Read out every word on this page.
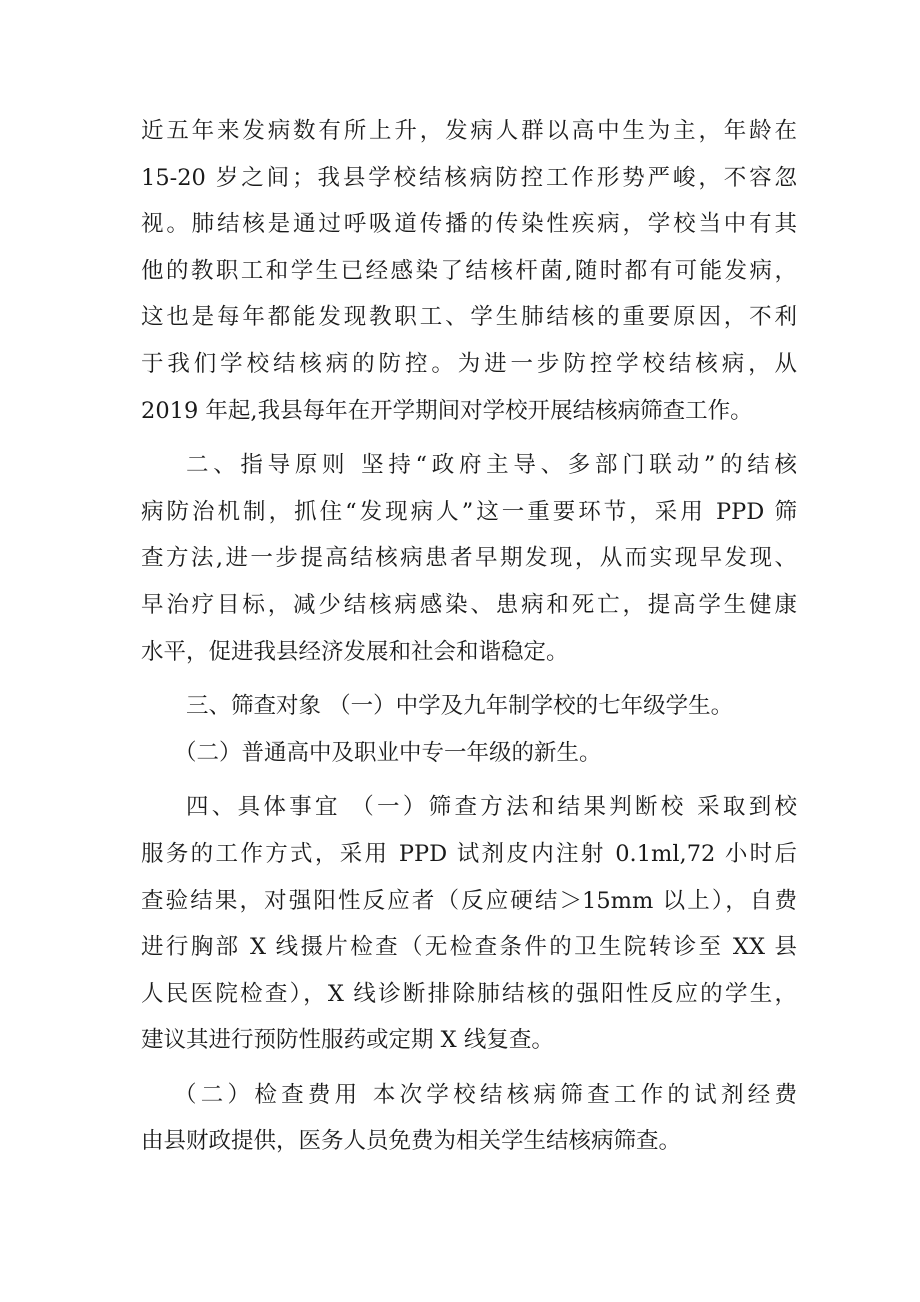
近五年来发病数有所上升，发病人群以高中生为主，年龄在
15-20 岁之间；我县学校结核病防控工作形势严峻，不容忽
视。肺结核是通过呼吸道传播的传染性疾病，学校当中有其
他的教职工和学生已经感染了结核杆菌,随时都有可能发病，
这也是每年都能发现教职工、学生肺结核的重要原因，不利
于我们学校结核病的防控。为进一步防控学校结核病，从
2019 年起,我县每年在开学期间对学校开展结核病筛查工作。
二、指导原则 坚持“政府主导、多部门联动”的结核
病防治机制，抓住“发现病人”这一重要环节，采用 PPD 筛
查方法,进一步提高结核病患者早期发现，从而实现早发现、
早治疗目标，减少结核病感染、患病和死亡，提高学生健康
水平，促进我县经济发展和社会和谐稳定。
三、筛查对象 （一）中学及九年制学校的七年级学生。
（二）普通高中及职业中专一年级的新生。
四、具体事宜 （一）筛查方法和结果判断校 采取到校
服务的工作方式，采用 PPD 试剂皮内注射 0.1ml,72 小时后
查验结果，对强阳性反应者（反应硬结＞15mm 以上），自费
进行胸部 X 线摄片检查（无检查条件的卫生院转诊至 XX 县
人民医院检查），X 线诊断排除肺结核的强阳性反应的学生，
建议其进行预防性服药或定期 X 线复查。
（二）检查费用 本次学校结核病筛查工作的试剂经费
由县财政提供，医务人员免费为相关学生结核病筛查。
